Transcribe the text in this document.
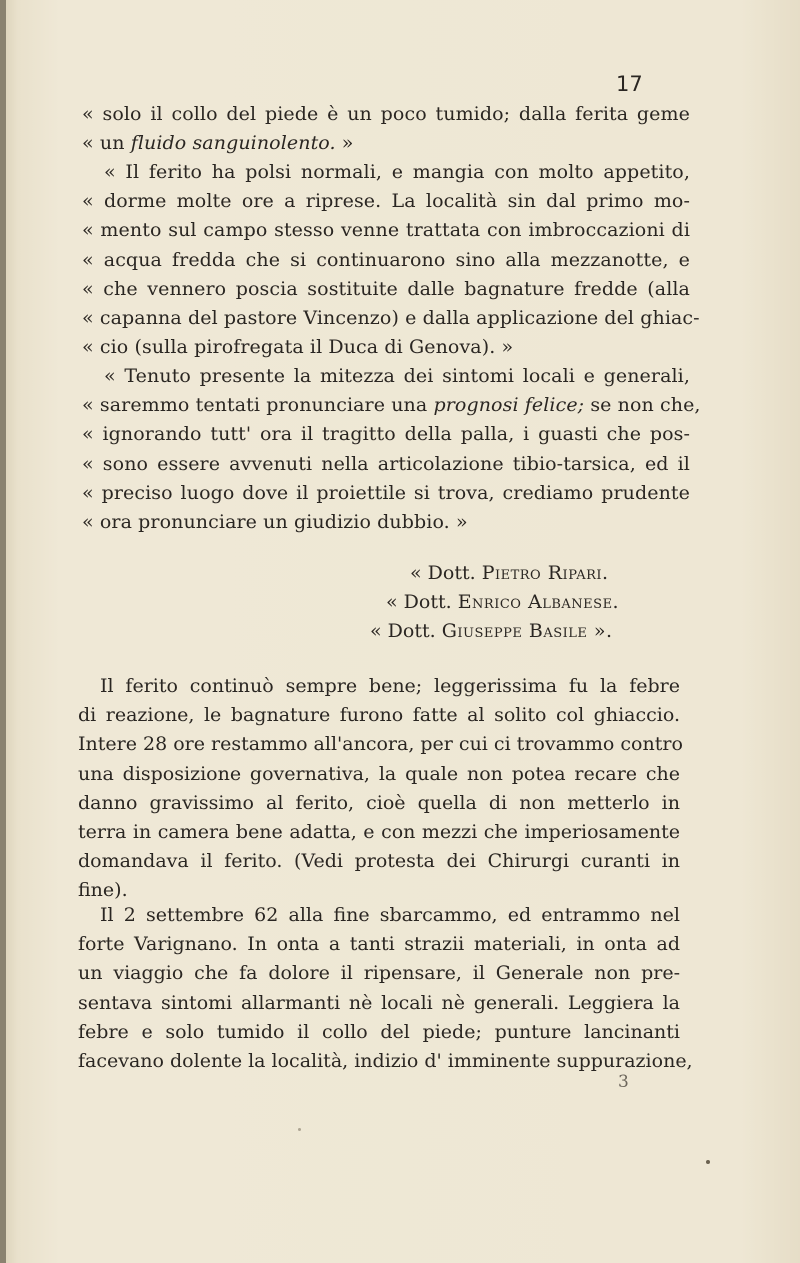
17
« solo il collo del piede è un poco tumido; dalla ferita geme
« un fluido sanguinolento. »
« Il ferito ha polsi normali, e mangia con molto appetito,
« dorme molte ore a riprese. La località sin dal primo mo-
« mento sul campo stesso venne trattata con imbroccazioni di
« acqua fredda che si continuarono sino alla mezzanotte, e
« che vennero poscia sostituite dalle bagnature fredde (alla
« capanna del pastore Vincenzo) e dalla applicazione del ghiac-
« cio (sulla pirofregata il Duca di Genova). »
« Tenuto presente la mitezza dei sintomi locali e generali,
« saremmo tentati pronunciare una prognosi felice; se non che,
« ignorando tutt' ora il tragitto della palla, i guasti che pos-
« sono essere avvenuti nella articolazione tibio-tarsica, ed il
« preciso luogo dove il proiettile si trova, crediamo prudente
« ora pronunciare un giudizio dubbio. »
« Dott. Pietro Ripari.
« Dott. Enrico Albanese.
« Dott. Giuseppe Basile ».
Il ferito continuò sempre bene; leggerissima fu la febre
di reazione, le bagnature furono fatte al solito col ghiaccio.
Intere 28 ore restammo all'ancora, per cui ci trovammo contro
una disposizione governativa, la quale non potea recare che
danno gravissimo al ferito, cioè quella di non metterlo in
terra in camera bene adatta, e con mezzi che imperiosamente
domandava il ferito. (Vedi protesta dei Chirurgi curanti in
fine).
Il 2 settembre 62 alla fine sbarcammo, ed entrammo nel
forte Varignano. In onta a tanti strazii materiali, in onta ad
un viaggio che fa dolore il ripensare, il Generale non pre-
sentava sintomi allarmanti nè locali nè generali. Leggiera la
febre e solo tumido il collo del piede; punture lancinanti
facevano dolente la località, indizio d' imminente suppurazione,
3
